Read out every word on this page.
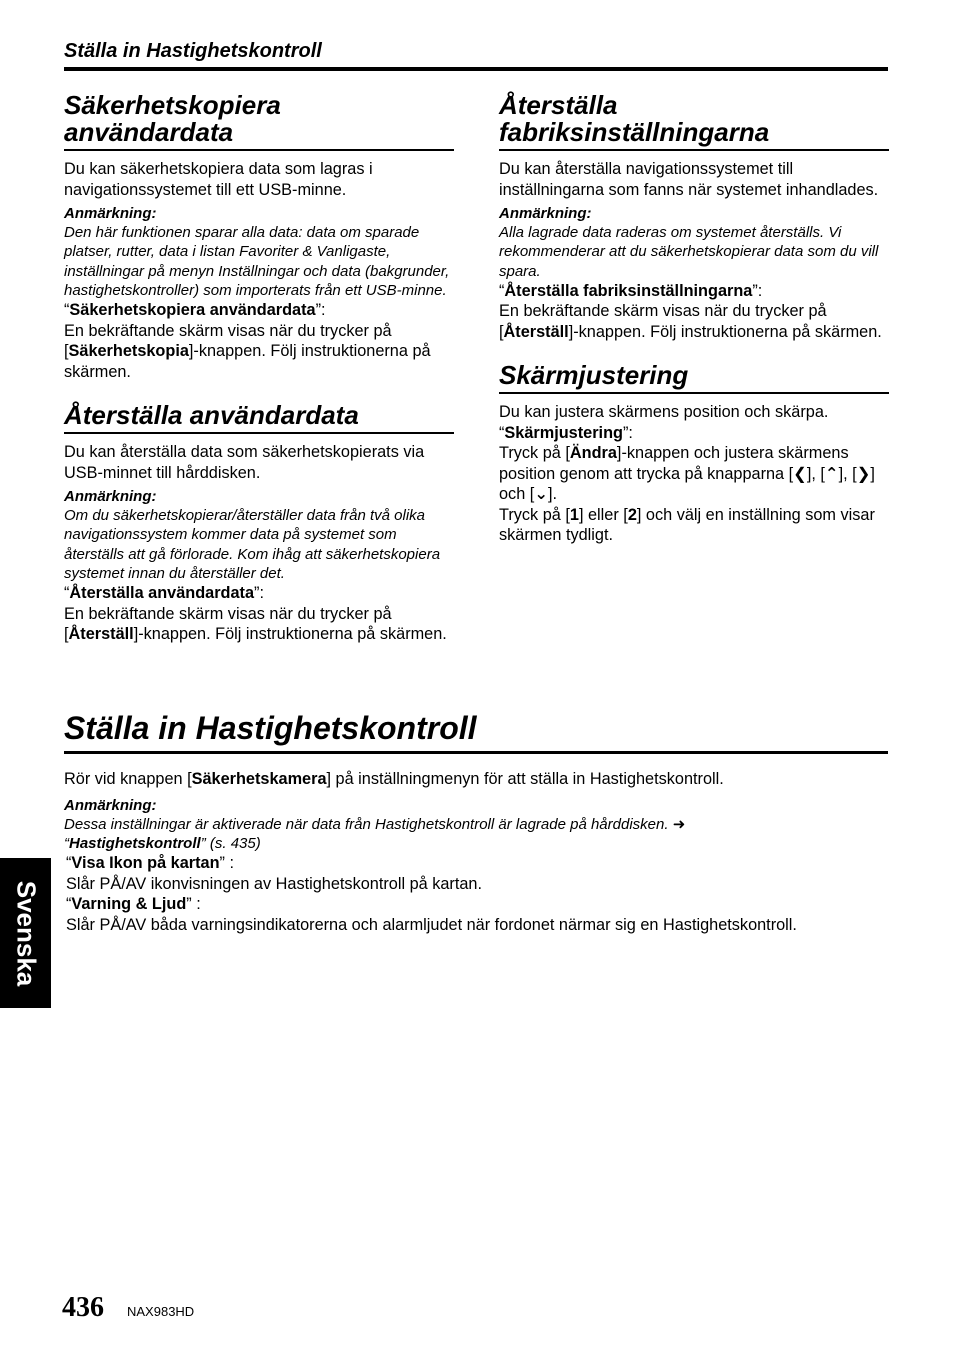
Ställa in Hastighetskontroll
Säkerhetskopiera användardata

Du kan säkerhetskopiera data som lagras i navigationssystemet till ett USB-minne.

Anmärkning:
Den här funktionen sparar alla data: data om sparade platser, rutter, data i listan Favoriter & Vanligaste, inställningar på menyn Inställningar och data (bakgrunder, hastighetskontroller) som importerats från ett USB-minne.
“Säkerhetskopiera användardata”:

En bekräftande skärm visas när du trycker på [Säkerhetskopia]-knappen. Följ instruktionerna på skärmen.

Återställa användardata

Du kan återställa data som säkerhetskopierats via USB-minnet till hårddisken.

Anmärkning:
Om du säkerhetskopierar/återställer data från två olika navigationssystem kommer data på systemet som återställs att gå förlorade. Kom ihåg att säkerhetskopiera systemet innan du återställer det.
“Återställa användardata”:

En bekräftande skärm visas när du trycker på [Återställ]-knappen. Följ instruktionerna på skärmen.

Återställa
fabriksinställningarna

Du kan återställa navigationssystemet till inställningarna som fanns när systemet inhandlades.

Anmärkning:
Alla lagrade data raderas om systemet återställs. Vi rekommenderar att du säkerhetskopierar data som du vill spara.
“Återställa fabriksinställningarna”:

En bekräftande skärm visas när du trycker på [Återställ]-knappen. Följ instruktionerna på skärmen.

Skärmjustering

Du kan justera skärmens position och skärpa.

“Skärmjustering”:

Tryck på [Ändra]-knappen och justera skärmens position genom att trycka på knapparna [❮], [⌃], [❯] och [⌄].
Tryck på [1] eller [2] och välj en inställning som visar skärmen tydligt.

Ställa in Hastighetskontroll

Rör vid knappen [Säkerhetskamera] på inställningmenyn för att ställa in Hastighetskontroll.

Anmärkning:
Dessa inställningar är aktiverade när data från Hastighetskontroll är lagrade på hårddisken. ➜
“Hastighetskontroll” (s. 435)
“Visa Ikon på kartan” :

Slår PÅ/AV ikonvisningen av Hastighetskontroll på kartan.

“Varning & Ljud” :

Slår PÅ/AV båda varningsindikatorerna och alarmljudet när fordonet närmar sig en Hastighetskontroll.

Svenska
436 NAX983HD
